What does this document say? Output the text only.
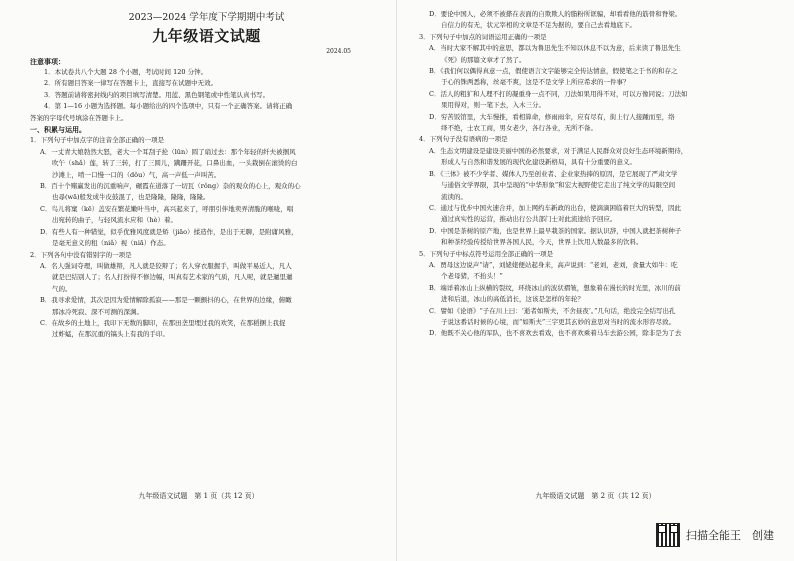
2023—2024 学年度下学期期中考试

九年级语文试题

2024.05

注意事项：

1．本试卷共八个大题 28 个小题，考试时间 120 分钟。

2．所有题目答案一律写在答题卡上，直接写在试题中无效。

3．答题前请将密封线内的项目填写清楚。用蓝、黑色钢笔或中性笔认真书写。

4．第 1—16 小题为选择题。每小题给出的四个选项中，只有一个正确答案。请将正确

答案的字母代号填涂在答题卡上。

一、积累与运用。

1．下列句子中加点字的注音全部正确的一项是

A．一丈青大娘勃然大怒，老大一个耳刮子抡（lūn）圆了扇过去：那个年轻的纤夫被掴风

吹午（shǎ）莲，转了三转，打了三圆儿，蹒跚开花，口鼻出血，一头栽倒在滚烫的白

沙滩上，啃一口慢一口的（dǒu）气，高一声低一声叫苦。

B．百十个赌赢发出的沉重响声，碾霞在道落了一切瓦（rǒng）杂的观众的心上，观众的心

也尋(wā)般发成牛皮鼓混了，也是隆隆，隆隆，隆隆。

C．鸟儿将窠（kē）盖安在繁花嫩叶当中，高兴起来了，呼朋引伴地卖弄清脆的喉咙，唱

出宛转的曲子，与轻风流水应和（hè）着。

D．有些人有一种错觉，似乎优雅风度就是矫（jiāo）揉造作，是出于无聊，是附庸风雅，

是毫无意义的租（niǎ）视（niā）作态。

2．下列各句中没有错别字的一项是

A．名人强词夺理，叫做雄辩，凡人就是狡辩了；名人穿衣服握手，叫做平易近人，凡人

就是巴结别人了；名人打扮得不修边幅，叫真有艺术家的气质，凡人呢，就是邋里邋

气的。

B．我寻求爱情，其次是因为爱情解除孤寂——那是一颗颤抖的心，在世界的边缘，俯瞰

那冰冷死寂、深不可测的深渊。

C．在故乡的土地上，我印下无数的脚印，在那田垄里埋过我的欢笑，在那稻捆上我捉

过蚱蜢，在那沉重的镐头上有我的手印。

九年级语文试题　第 1 页（共 12 页）

D．要论中国人，必须不被搽在表面的自欺欺人的脂粉所诓骗，却看看他的筋骨和脊梁。

自信力的有无，状元宰相的文章是不足为据的，要自己去看地底下。

3．下列句子中加点的词语运用正确的一项是

A．当时大家不解其中的意思，都以为鲁迅先生不知以休息不以为意，后来读了鲁迅先生

《死》的那篇文章才了然了。

B．《我们何以偶得真意一点，假使语言文字能够完全传达情意，假使笔之于书的和存之

于心的铢两悉称，丝毫不爽，这是不是文学上所应希求的一件事？

C．活人的粗犷和人理不打的凝重身一点不同，刀法如果用得不对，可以万像同说；刀法如

果用得对，则一笔下去，入木三分。

D．穷苦饭馆里，大车慢推，看相算命，修雨雨伞，应有尽有，街上行人接踵而至，络

绎不绝，士农工商，男女老少，各行各业，无所不备。

4．下列句子没有语病的一项是

A．生态文明建设是建设美丽中国的必然要求，对于满足人民群众对良好生态环境新期待，

形成人与自然和谐发展的现代化建设新格局，具有十分重要的意义。

B．《三体》被不少学者、媒体人乃至创业者、企业家热捧的原因，是它展现了严肃文学

与通俗文学界限，其中呈现的“中华形象”和宏大视野使它走出了纯文学的局限空间

流读的。

C．通过与优步中国火速合并，加上网约车新政的出台，使滴滴困临着巨大的转型，因此

通过真实性的运营，推动出行公共部门士对此流途给予回应。

D．中国是茶树的原产地，也是世界上最早栽茶的国家。据认识辞，中国人就把茶树种子

和种茶经验传授给世界各国人民，今天，世界上饮用人数最多的饮料。

5．下列句子中标点符号运用全部正确的一项是

A．贾母这边说声“请”，刘姥姥便站起身来，高声说到：“老刘，老刘，食量大如牛：吃

个老母猪，不抬头！”

B．端详着冰山上纵横的裂纹，环绕冰山的波状褶皱，想象着在漫长的时光里，冰川的前

进和后退，冰山的高低消长，这该是怎样的年轮？

C．譬如《论语》“子在川上曰：‘逝者如斯夫，不舍昼夜’。”几句话，绝没完全结写出孔

子说这番话时候的心境，而“如斯夫”三字更其玄妙的意思对当时的流水形容尽致。

D．他既不关心他的军队，也不喜欢去看戏，也不喜欢乘着马车去游公园，除非是为了去

九年级语文试题　第 2 页（共 12 页）

扫描全能王　创建
